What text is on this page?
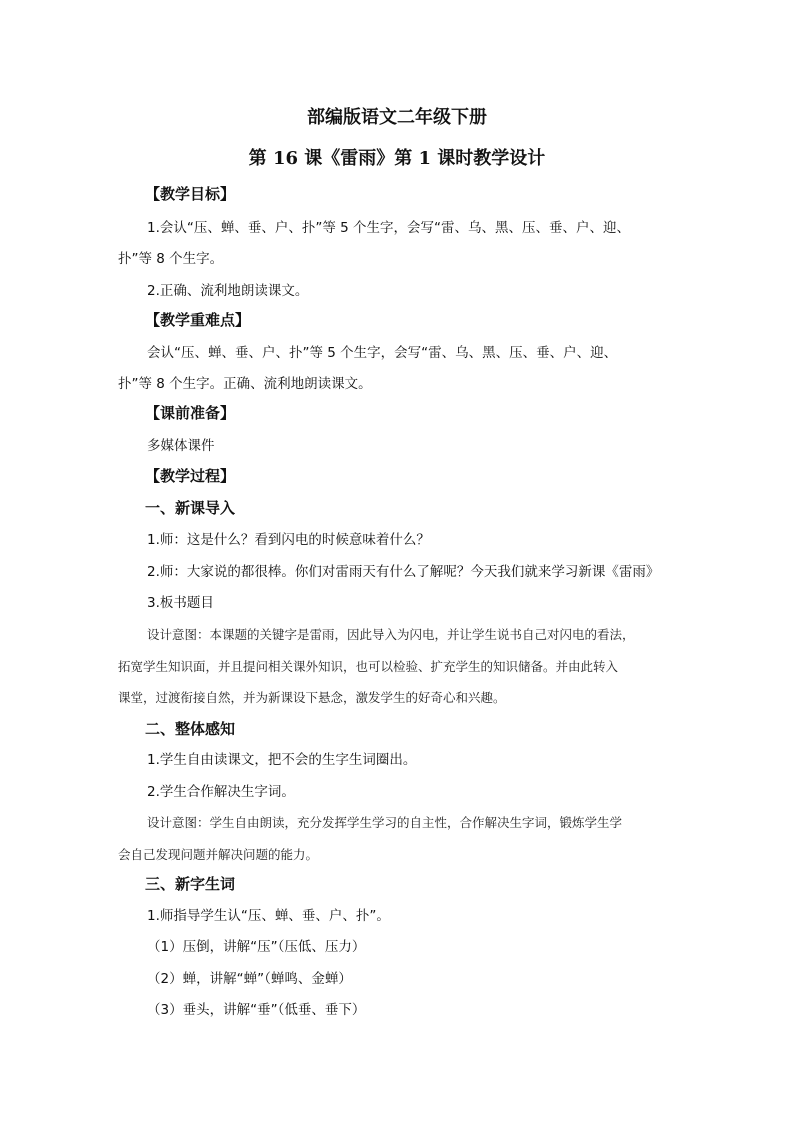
部编版语文二年级下册
第 16 课《雷雨》第 1 课时教学设计
【教学目标】
1.会认“压、蝉、垂、户、扑”等 5 个生字，会写“雷、乌、黑、压、垂、户、迎、
扑”等 8 个生字。
2.正确、流利地朗读课文。
【教学重难点】
会认“压、蝉、垂、户、扑”等 5 个生字，会写“雷、乌、黑、压、垂、户、迎、
扑”等 8 个生字。正确、流利地朗读课文。
【课前准备】
多媒体课件
【教学过程】
一、新课导入
1.师：这是什么？看到闪电的时候意味着什么？
2.师：大家说的都很棒。你们对雷雨天有什么了解呢？今天我们就来学习新课《雷雨》
3.板书题目
设计意图：本课题的关键字是雷雨，因此导入为闪电，并让学生说书自己对闪电的看法，
拓宽学生知识面，并且提问相关课外知识，也可以检验、扩充学生的知识储备。并由此转入
课堂，过渡衔接自然，并为新课设下悬念，激发学生的好奇心和兴趣。
二、整体感知
1.学生自由读课文，把不会的生字生词圈出。
2.学生合作解决生字词。
设计意图：学生自由朗读，充分发挥学生学习的自主性，合作解决生字词，锻炼学生学
会自己发现问题并解决问题的能力。
三、新字生词
1.师指导学生认“压、蝉、垂、户、扑”。
（1）压倒，讲解“压”（压低、压力）
（2）蝉，讲解“蝉”（蝉鸣、金蝉）
（3）垂头，讲解“垂”（低垂、垂下）
